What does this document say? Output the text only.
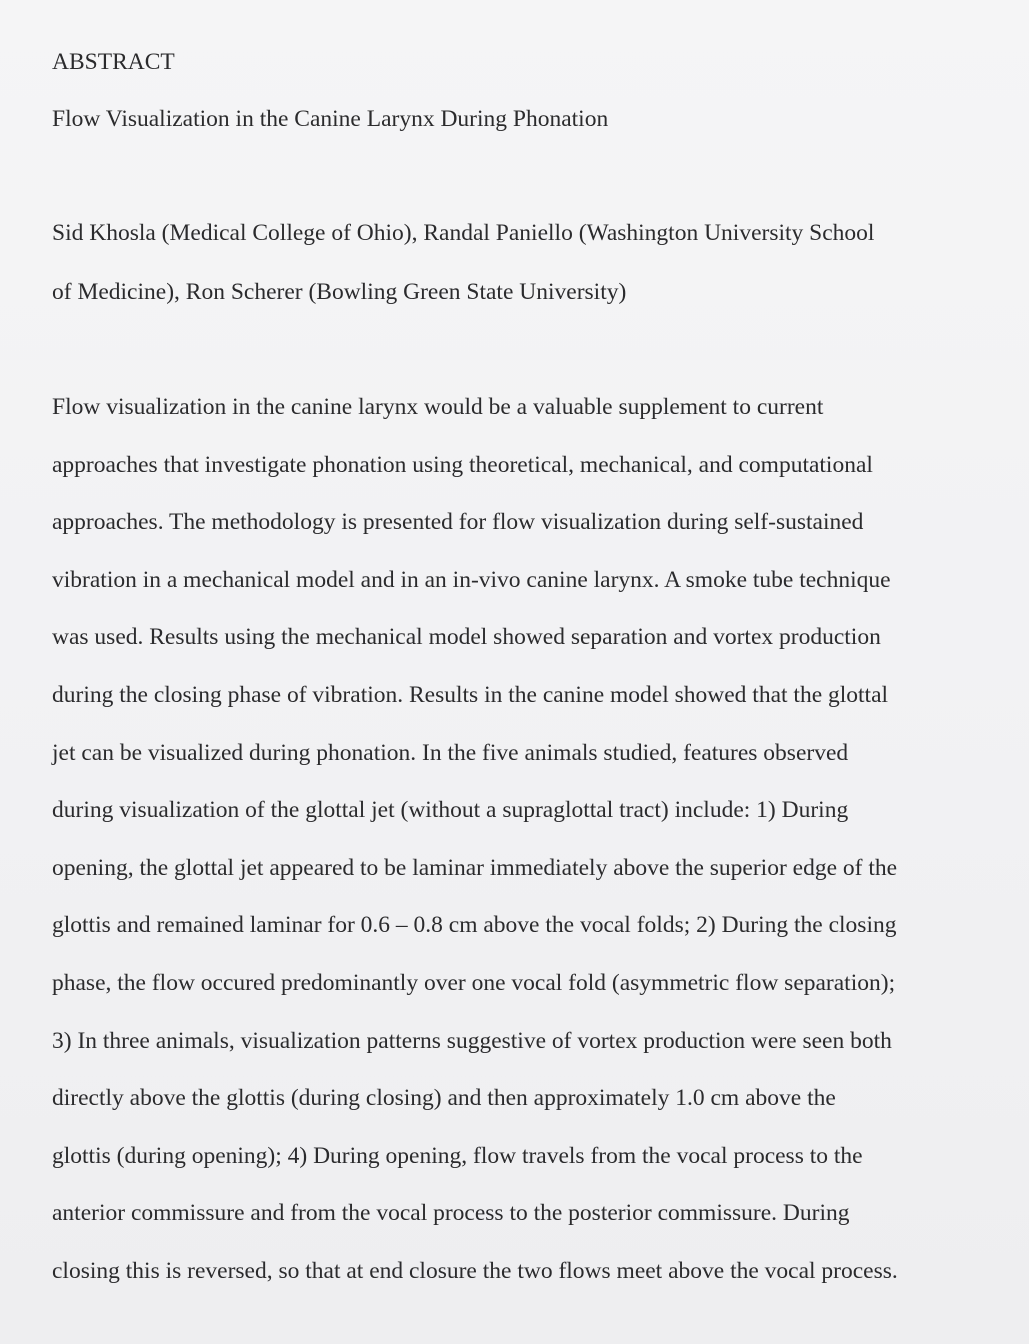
ABSTRACT

Flow Visualization in the Canine Larynx During Phonation

Sid Khosla (Medical College of Ohio), Randal Paniello (Washington University School

of Medicine), Ron Scherer (Bowling Green State University)

Flow visualization in the canine larynx would be a valuable supplement to current

approaches that investigate phonation using theoretical, mechanical, and computational

approaches. The methodology is presented for flow visualization during self-sustained

vibration in a mechanical model and in an in-vivo canine larynx. A smoke tube technique

was used. Results using the mechanical model showed separation and vortex production

during the closing phase of vibration. Results in the canine model showed that the glottal

jet can be visualized during phonation. In the five animals studied, features observed

during visualization of the glottal jet (without a supraglottal tract) include: 1) During

opening, the glottal jet appeared to be laminar immediately above the superior edge of the

glottis and remained laminar for 0.6 – 0.8 cm above the vocal folds; 2) During the closing

phase, the flow occured predominantly over one vocal fold (asymmetric flow separation);

3) In three animals, visualization patterns suggestive of vortex production were seen both

directly above the glottis (during closing) and then approximately 1.0 cm above the

glottis (during opening); 4) During opening, flow travels from the vocal process to the

anterior commissure and from the vocal process to the posterior commissure. During

closing this is reversed, so that at end closure the two flows meet above the vocal process.
